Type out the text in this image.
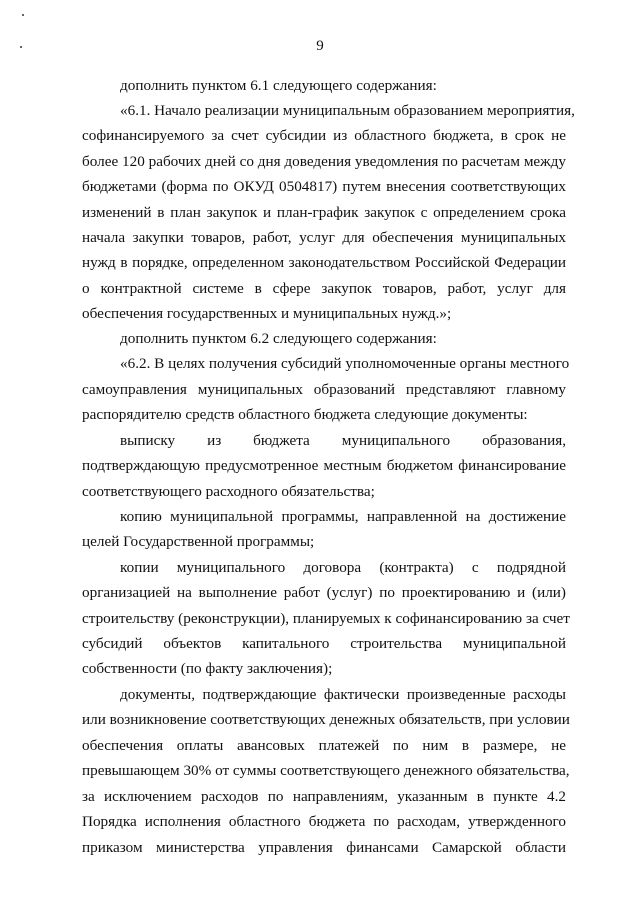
9
дополнить пунктом 6.1 следующего содержания:
«6.1. Начало реализации муниципальным образованием мероприятия,
софинансируемого за счет субсидии из областного бюджета, в срок не
более 120 рабочих дней со дня доведения уведомления по расчетам между
бюджетами (форма по ОКУД 0504817) путем внесения соответствующих
изменений в план закупок и план-график закупок с определением срока
начала закупки товаров, работ, услуг для обеспечения муниципальных
нужд в порядке, определенном законодательством Российской Федерации
о контрактной системе в сфере закупок товаров, работ, услуг для
обеспечения государственных и муниципальных нужд.»;
дополнить пунктом 6.2 следующего содержания:
«6.2. В целях получения субсидий уполномоченные органы местного
самоуправления муниципальных образований представляют главному
распорядителю средств областного бюджета следующие документы:
выписку из бюджета муниципального образования,
подтверждающую предусмотренное местным бюджетом финансирование
соответствующего расходного обязательства;
копию муниципальной программы, направленной на достижение
целей Государственной программы;
копии муниципального договора (контракта) с подрядной
организацией на выполнение работ (услуг) по проектированию и (или)
строительству (реконструкции), планируемых к софинансированию за счет
субсидий объектов капитального строительства муниципальной
собственности (по факту заключения);
документы, подтверждающие фактически произведенные расходы
или возникновение соответствующих денежных обязательств, при условии
обеспечения оплаты авансовых платежей по ним в размере, не
превышающем 30% от суммы соответствующего денежного обязательства,
за исключением расходов по направлениям, указанным в пункте 4.2
Порядка исполнения областного бюджета по расходам, утвержденного
приказом министерства управления финансами Самарской области
